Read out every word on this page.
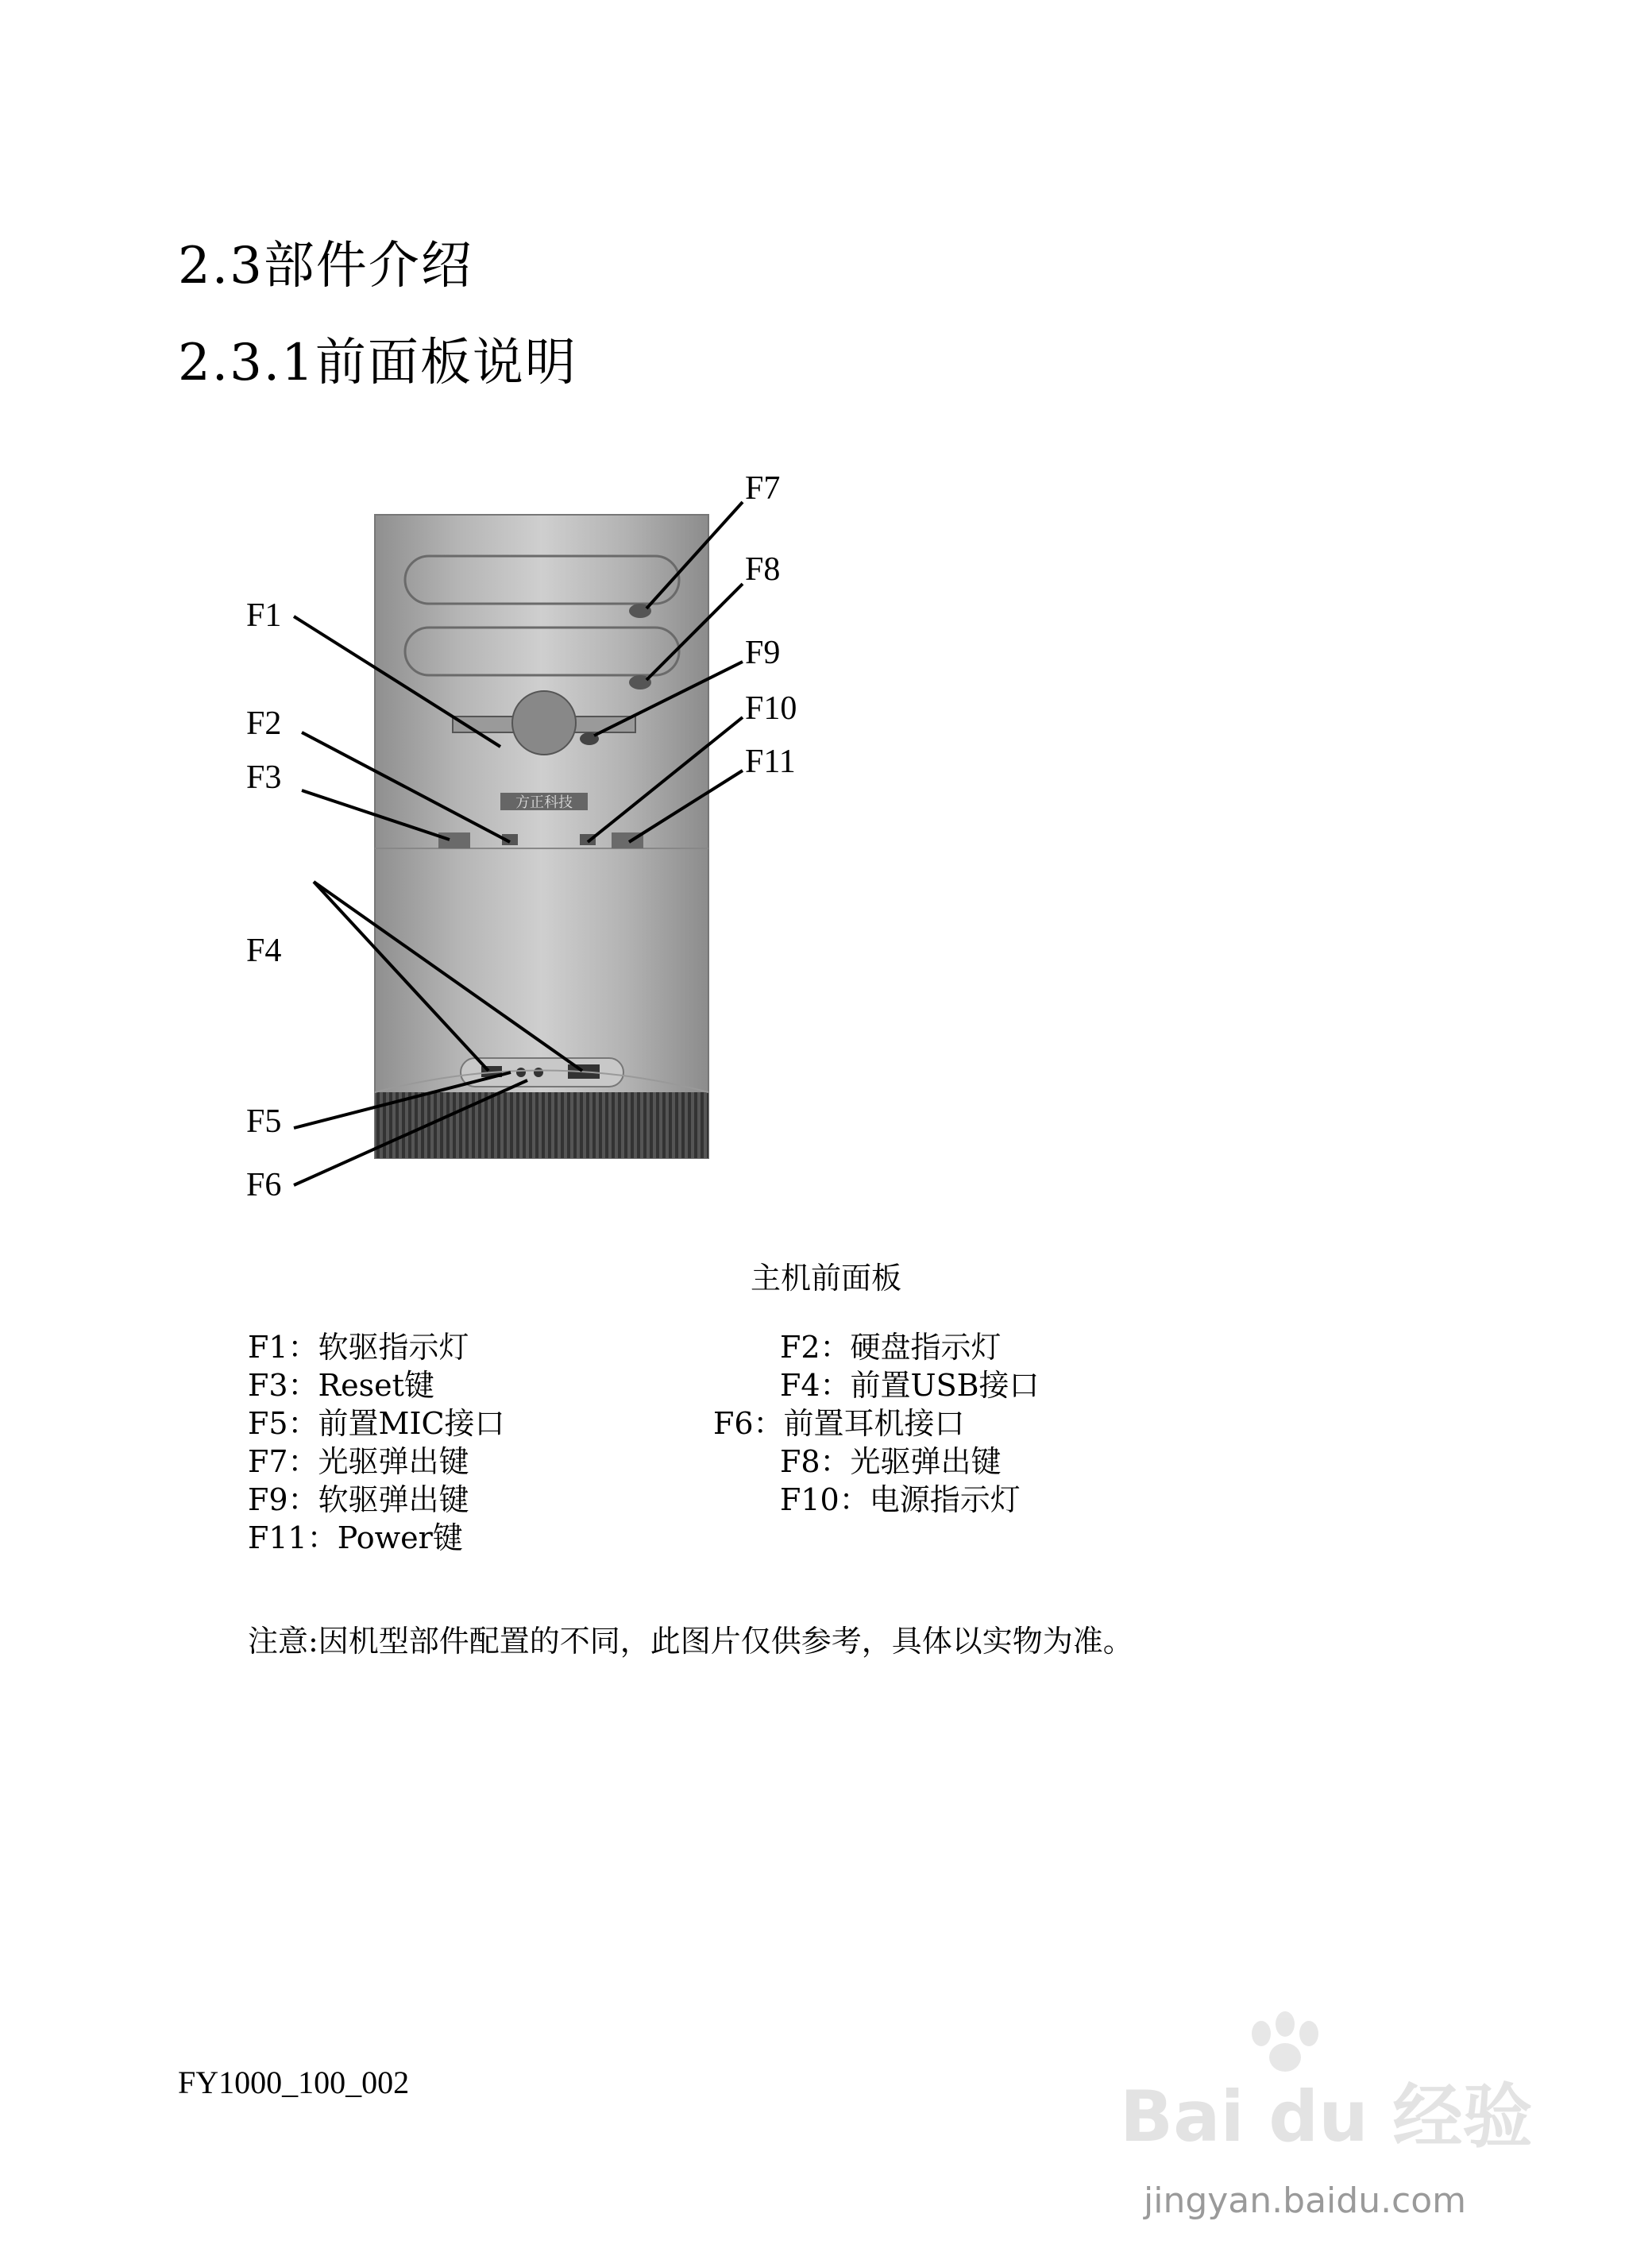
2.3部件介绍
2.3.1前面板说明
方正科技
F1
F2
F3
F4
F5
F6
F7
F8
F9
F10
F11
主机前面板
F1：软驱指示灯	F2：硬盘指示灯
F3：Reset键	F4：前置USB接口
F5：前置MIC接口	F6：前置耳机接口
F7：光驱弹出键	F8：光驱弹出键
F9：软驱弹出键	F10：电源指示灯
F11：Power键
注意:因机型部件配置的不同，此图片仅供参考，具体以实物为准。
FY1000_100_002	Bai du 经验
jingyan.baidu.com
